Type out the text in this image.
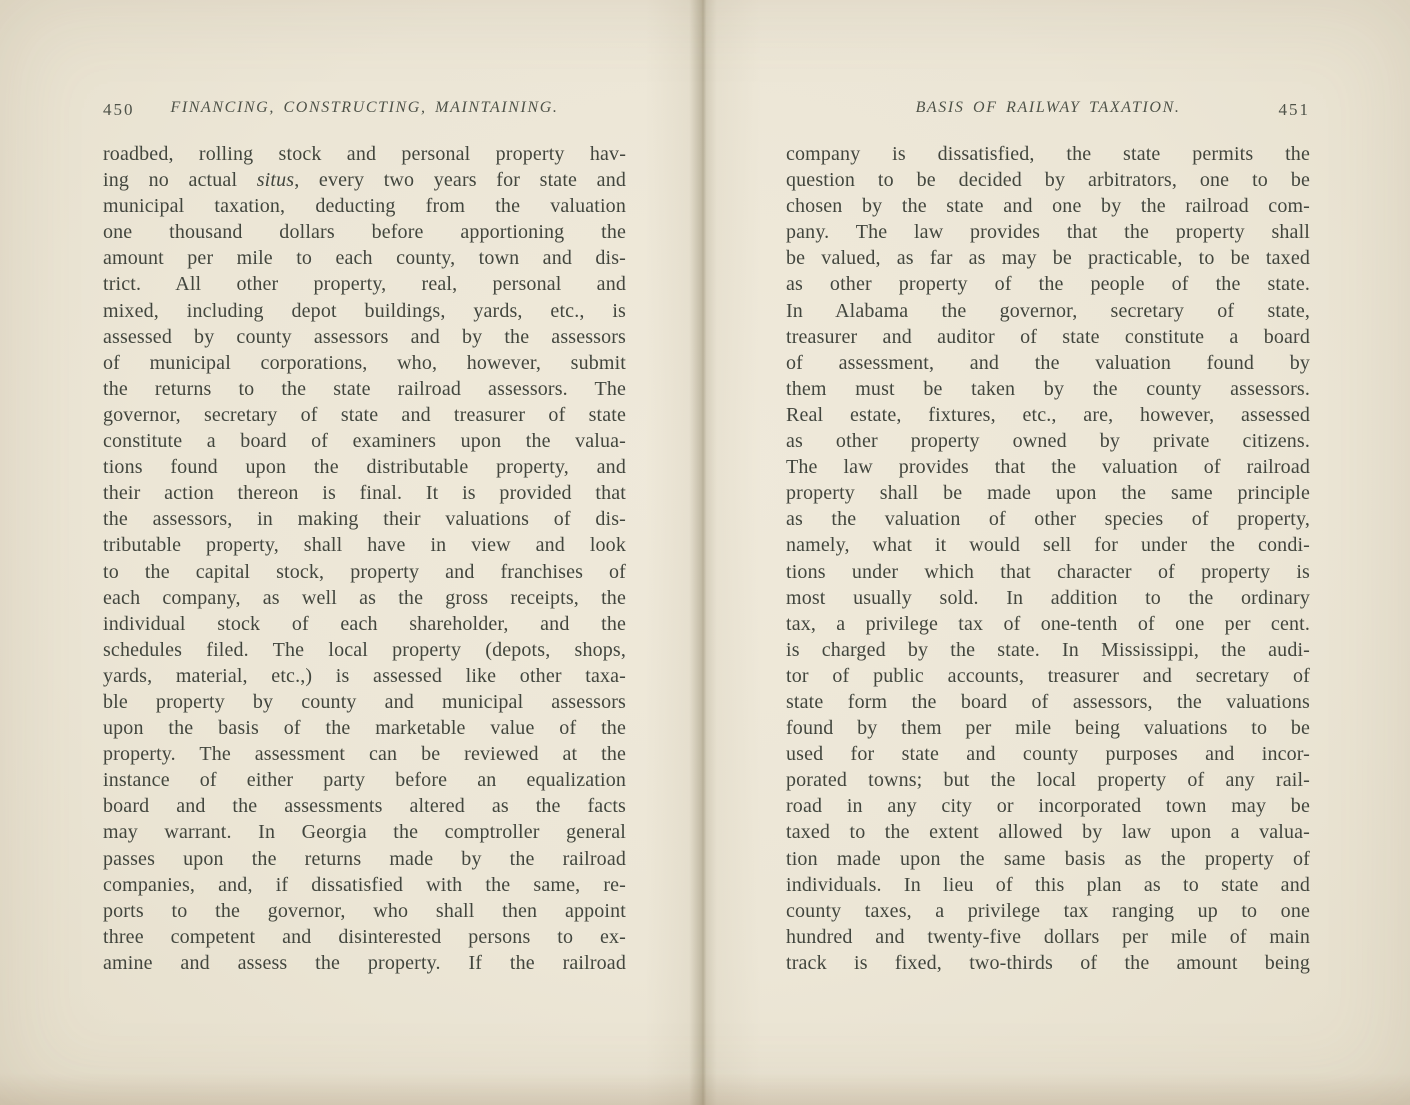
450	FINANCING, CONSTRUCTING, MAINTAINING.	BASIS OF RAILWAY TAXATION.	451
roadbed, rolling stock and personal property hav-
ing no actual situs, every two years for state and
municipal taxation, deducting from the valuation
one thousand dollars before apportioning the
amount per mile to each county, town and dis-
trict. All other property, real, personal and
mixed, including depot buildings, yards, etc., is
assessed by county assessors and by the assessors
of municipal corporations, who, however, submit
the returns to the state railroad assessors. The
governor, secretary of state and treasurer of state
constitute a board of examiners upon the valua-
tions found upon the distributable property, and
their action thereon is final. It is provided that
the assessors, in making their valuations of dis-
tributable property, shall have in view and look
to the capital stock, property and franchises of
each company, as well as the gross receipts, the
individual stock of each shareholder, and the
schedules filed. The local property (depots, shops,
yards, material, etc.,) is assessed like other taxa-
ble property by county and municipal assessors
upon the basis of the marketable value of the
property. The assessment can be reviewed at the
instance of either party before an equalization
board and the assessments altered as the facts
may warrant. In Georgia the comptroller general
passes upon the returns made by the railroad
companies, and, if dissatisfied with the same, re-
ports to the governor, who shall then appoint
three competent and disinterested persons to ex-
amine and assess the property. If the railroad
company is dissatisfied, the state permits the
question to be decided by arbitrators, one to be
chosen by the state and one by the railroad com-
pany. The law provides that the property shall
be valued, as far as may be practicable, to be taxed
as other property of the people of the state.
In Alabama the governor, secretary of state,
treasurer and auditor of state constitute a board
of assessment, and the valuation found by
them must be taken by the county assessors.
Real estate, fixtures, etc., are, however, assessed
as other property owned by private citizens.
The law provides that the valuation of railroad
property shall be made upon the same principle
as the valuation of other species of property,
namely, what it would sell for under the condi-
tions under which that character of property is
most usually sold. In addition to the ordinary
tax, a privilege tax of one-tenth of one per cent.
is charged by the state. In Mississippi, the audi-
tor of public accounts, treasurer and secretary of
state form the board of assessors, the valuations
found by them per mile being valuations to be
used for state and county purposes and incor-
porated towns; but the local property of any rail-
road in any city or incorporated town may be
taxed to the extent allowed by law upon a valua-
tion made upon the same basis as the property of
individuals. In lieu of this plan as to state and
county taxes, a privilege tax ranging up to one
hundred and twenty-five dollars per mile of main
track is fixed, two-thirds of the amount being
